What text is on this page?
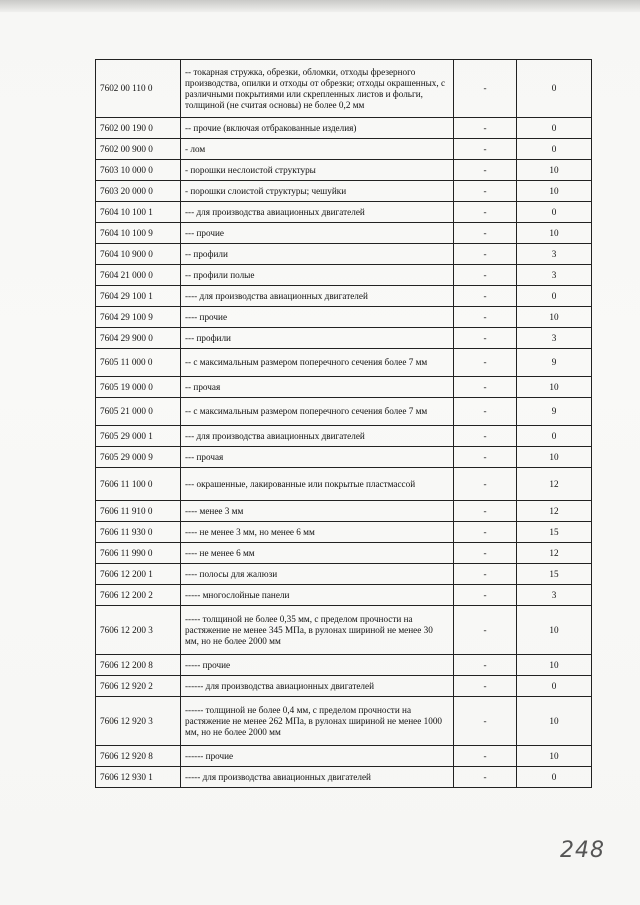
7602 00 110 0	-- токарная стружка, обрезки, обломки, отходы фрезерного производства, опилки и отходы от обрезки; отходы окрашенных, с различными покрытиями или скрепленных листов и фольги, толщиной (не считая основы) не более 0,2 мм	-	0
7602 00 190 0	-- прочие (включая отбракованные изделия)	-	0
7602 00 900 0	- лом	-	0
7603 10 000 0	- порошки неслоистой структуры	-	10
7603 20 000 0	- порошки слоистой структуры; чешуйки	-	10
7604 10 100 1	--- для производства авиационных двигателей	-	0
7604 10 100 9	--- прочие	-	10
7604 10 900 0	-- профили	-	3
7604 21 000 0	-- профили полые	-	3
7604 29 100 1	---- для производства авиационных двигателей	-	0
7604 29 100 9	---- прочие	-	10
7604 29 900 0	--- профили	-	3
7605 11 000 0	-- с максимальным размером поперечного сечения более 7 мм	-	9
7605 19 000 0	-- прочая	-	10
7605 21 000 0	-- с максимальным размером поперечного сечения более 7 мм	-	9
7605 29 000 1	--- для производства авиационных двигателей	-	0
7605 29 000 9	--- прочая	-	10
7606 11 100 0	--- окрашенные, лакированные или покрытые пластмассой	-	12
7606 11 910 0	---- менее 3 мм	-	12
7606 11 930 0	---- не менее 3 мм, но менее 6 мм	-	15
7606 11 990 0	---- не менее 6 мм	-	12
7606 12 200 1	---- полосы для жалюзи	-	15
7606 12 200 2	----- многослойные панели	-	3
7606 12 200 3	----- толщиной не более 0,35 мм, с пределом прочности на растяжение не менее 345 МПа, в рулонах шириной не менее 30 мм, но не более 2000 мм	-	10
7606 12 200 8	----- прочие	-	10
7606 12 920 2	------ для производства авиационных двигателей	-	0
7606 12 920 3	------ толщиной не более 0,4 мм, с пределом прочности на растяжение не менее 262 МПа, в рулонах шириной не менее 1000 мм, но не более 2000 мм	-	10
7606 12 920 8	------ прочие	-	10
7606 12 930 1	----- для производства авиационных двигателей	-	0
248
